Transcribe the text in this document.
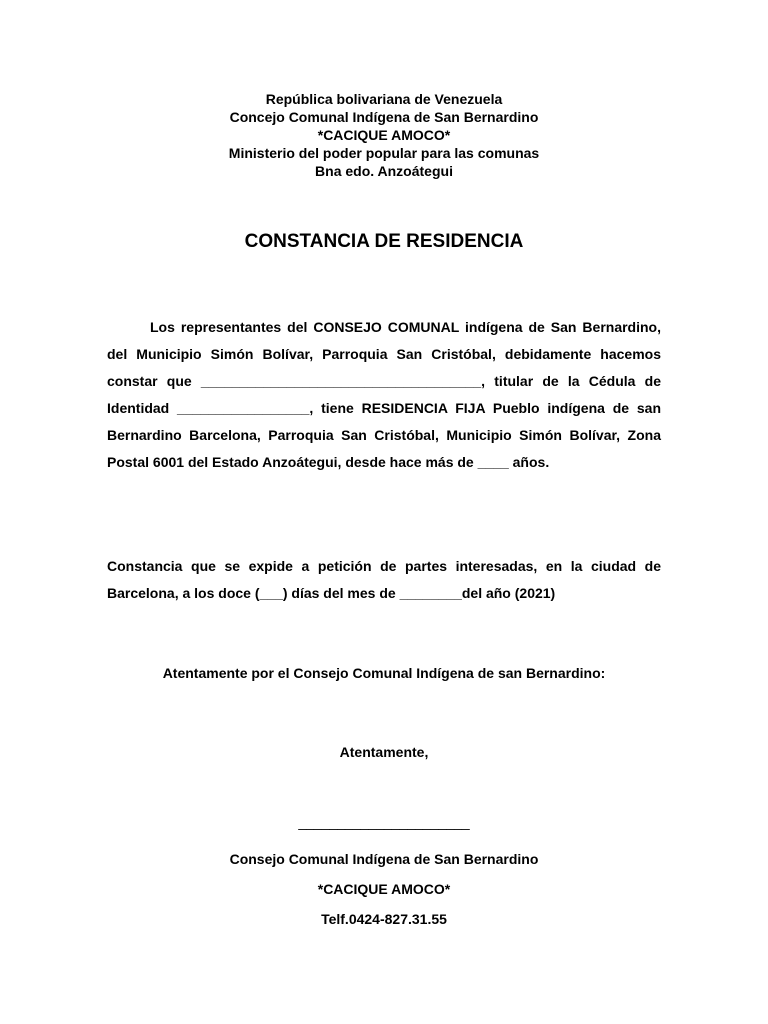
República bolivariana de Venezuela
Concejo Comunal Indígena de San Bernardino
*CACIQUE AMOCO*
Ministerio del poder popular para las comunas
Bna edo. Anzoátegui
CONSTANCIA DE RESIDENCIA

Los representantes del CONSEJO COMUNAL indígena de San Bernardino, del Municipio Simón Bolívar, Parroquia San Cristóbal, debidamente hacemos constar que ____________________________________, titular de la Cédula de Identidad _________________, tiene RESIDENCIA FIJA Pueblo indígena de san Bernardino Barcelona, Parroquia San Cristóbal, Municipio Simón Bolívar, Zona Postal 6001 del Estado Anzoátegui, desde hace más de ____ años.

Constancia que se expide a petición de partes interesadas, en la ciudad de Barcelona, a los doce (___) días del mes de ________del año (2021)

Atentamente por el Consejo Comunal Indígena de san Bernardino:
Atentamente,
______________________
Consejo Comunal Indígena de San Bernardino
*CACIQUE AMOCO*
Telf.0424-827.31.55
